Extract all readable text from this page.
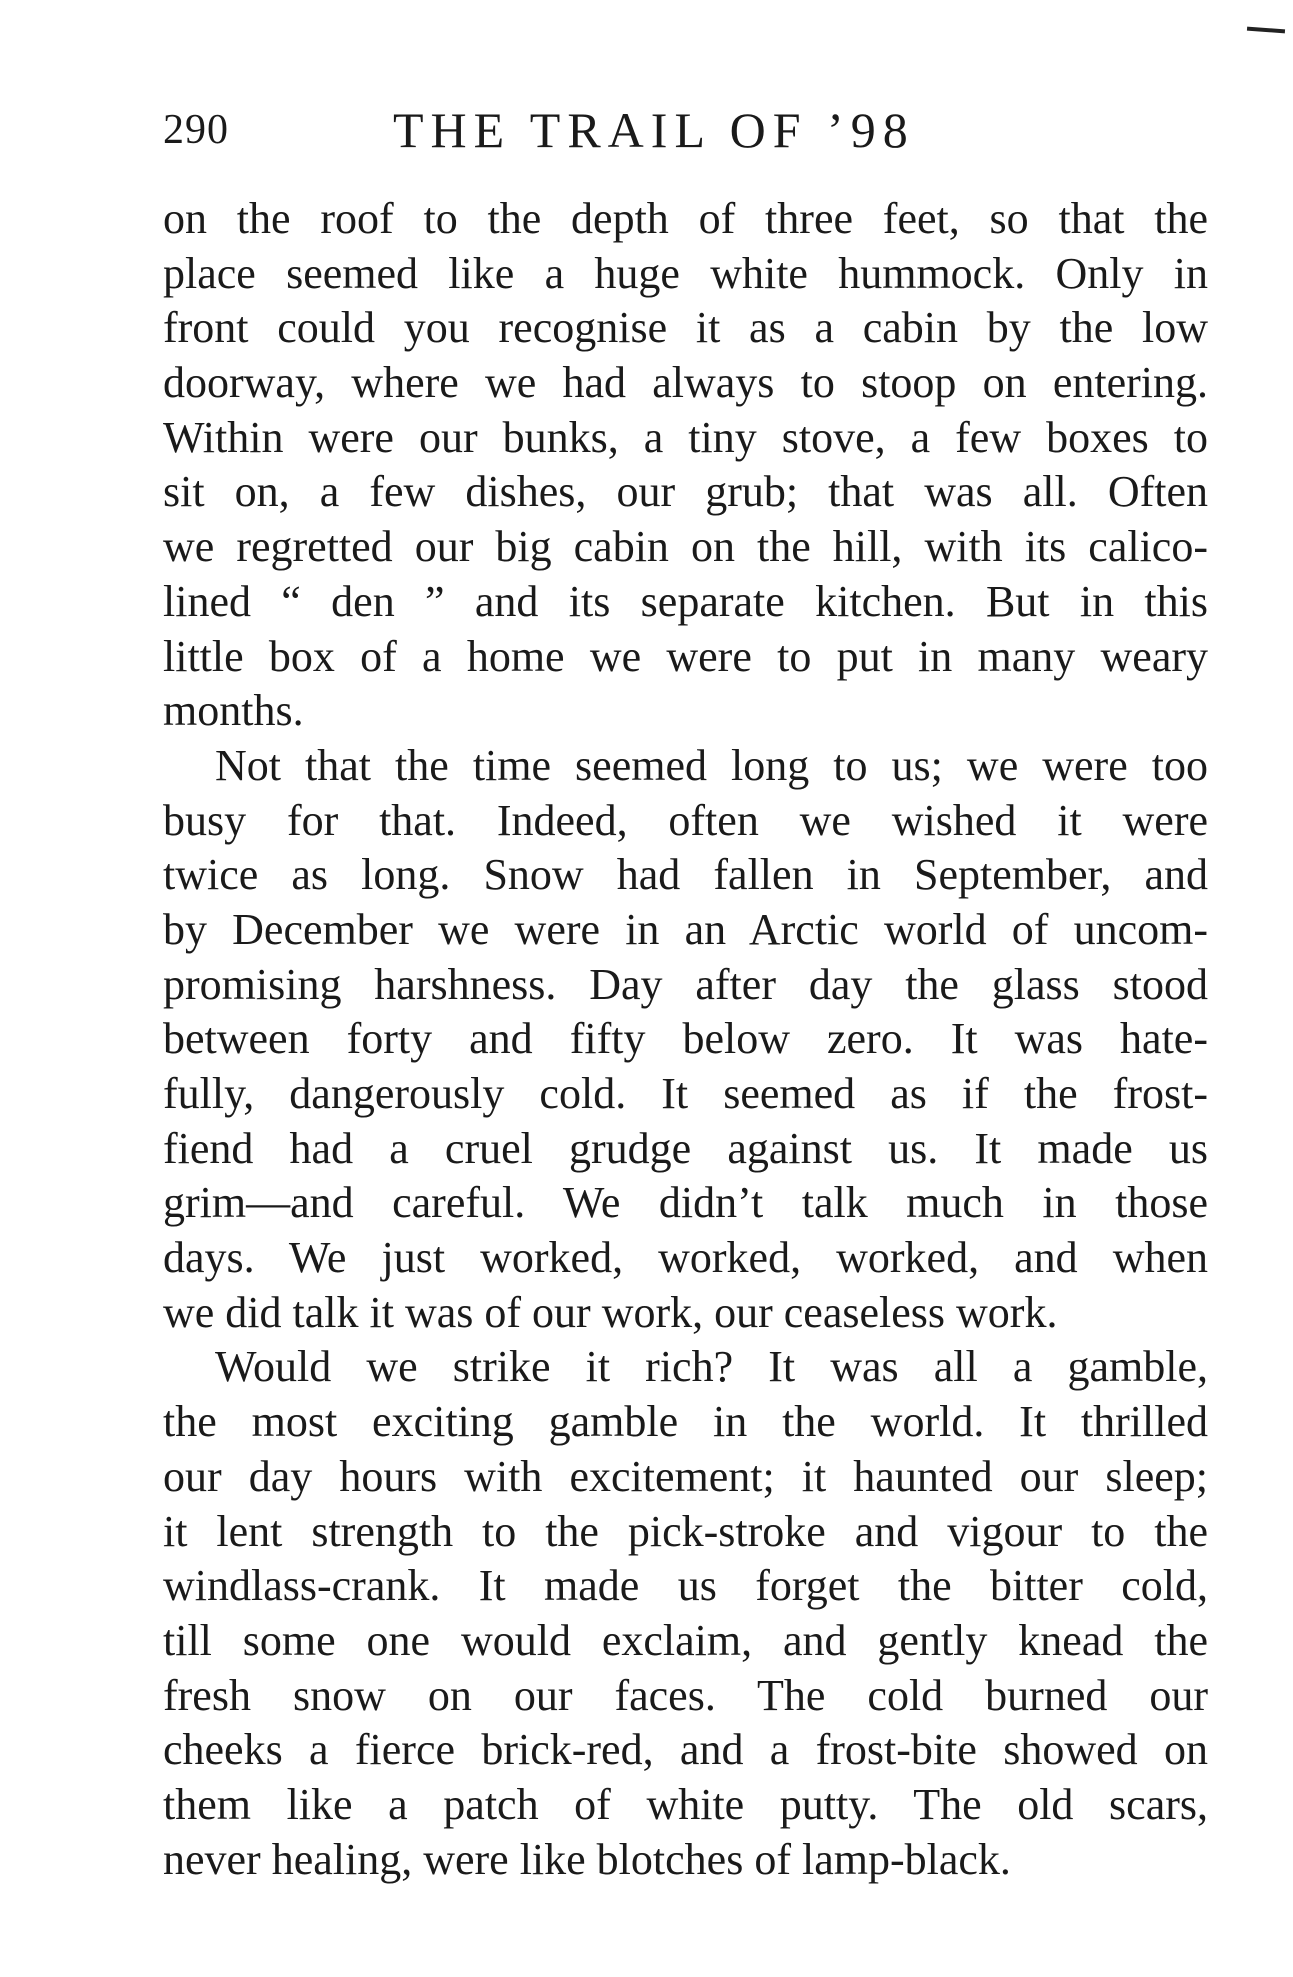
290	THE TRAIL OF ’98
on the roof to the depth of three feet, so that the
place seemed like a huge white hummock. Only in
front could you recognise it as a cabin by the low
doorway, where we had always to stoop on entering.
Within were our bunks, a tiny stove, a few boxes to
sit on, a few dishes, our grub; that was all. Often
we regretted our big cabin on the hill, with its calico-
lined “ den ” and its separate kitchen. But in this
little box of a home we were to put in many weary
months.
Not that the time seemed long to us; we were too
busy for that. Indeed, often we wished it were
twice as long. Snow had fallen in September, and
by December we were in an Arctic world of uncom-
promising harshness. Day after day the glass stood
between forty and fifty below zero. It was hate-
fully, dangerously cold. It seemed as if the frost-
fiend had a cruel grudge against us. It made us
grim—and careful. We didn’t talk much in those
days. We just worked, worked, worked, and when
we did talk it was of our work, our ceaseless work.
Would we strike it rich? It was all a gamble,
the most exciting gamble in the world. It thrilled
our day hours with excitement; it haunted our sleep;
it lent strength to the pick-stroke and vigour to the
windlass-crank. It made us forget the bitter cold,
till some one would exclaim, and gently knead the
fresh snow on our faces. The cold burned our
cheeks a fierce brick-red, and a frost-bite showed on
them like a patch of white putty. The old scars,
never healing, were like blotches of lamp-black.
